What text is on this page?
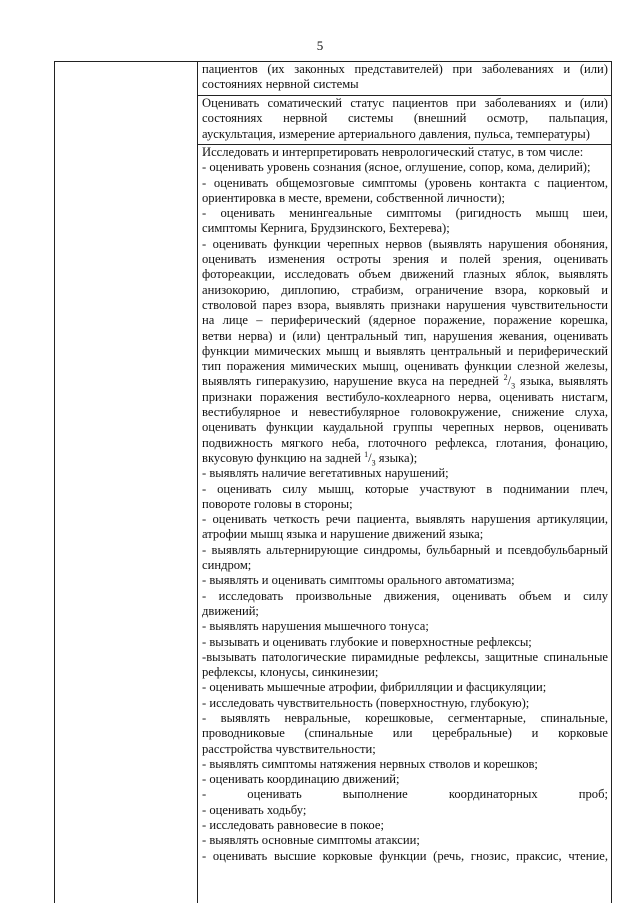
5
пациентов (их законных представителей) при заболеваниях и (или)
состояниях нервной системы
Оценивать соматический статус пациентов при заболеваниях и (или)
состояниях нервной системы (внешний осмотр, пальпация,
аускультация, измерение артериального давления, пульса, температуры)
Исследовать и интерпретировать неврологический статус, в том числе:
- оценивать уровень сознания (ясное, оглушение, сопор, кома, делирий);
- оценивать общемозговые симптомы (уровень контакта с пациентом,
ориентировка в месте, времени, собственной личности);
- оценивать менингеальные симптомы (ригидность мышц шеи,
симптомы Кернига, Брудзинского, Бехтерева);
- оценивать функции черепных нервов (выявлять нарушения обоняния,
оценивать изменения остроты зрения и полей зрения, оценивать
фотореакции, исследовать объем движений глазных яблок, выявлять
анизокорию, диплопию, страбизм, ограничение взора, корковый и
стволовой парез взора, выявлять признаки нарушения чувствительности
на лице – периферический (ядерное поражение, поражение корешка,
ветви нерва) и (или) центральный тип, нарушения жевания, оценивать
функции мимических мышц и выявлять центральный и периферический
тип поражения мимических мышц, оценивать функции слезной железы,
выявлять гиперакузию, нарушение вкуса на передней $^2/_3$ языка, выявлять
признаки поражения вестибуло-кохлеарного нерва, оценивать нистагм,
вестибулярное и невестибулярное головокружение, снижение слуха,
оценивать функции каудальной группы черепных нервов, оценивать
подвижность мягкого неба, глоточного рефлекса, глотания, фонацию,
вкусовую функцию на задней $^1/_3$ языка);
- выявлять наличие вегетативных нарушений;
- оценивать силу мышц, которые участвуют в поднимании плеч,
повороте головы в стороны;
- оценивать четкость речи пациента, выявлять нарушения артикуляции,
атрофии мышц языка и нарушение движений языка;
- выявлять альтернирующие синдромы, бульбарный и псевдобульбарный
синдром;
- выявлять и оценивать симптомы орального автоматизма;
- исследовать произвольные движения, оценивать объем и силу
движений;
- выявлять нарушения мышечного тонуса;
- вызывать и оценивать глубокие и поверхностные рефлексы;
-вызывать патологические пирамидные рефлексы, защитные спинальные
рефлексы, клонусы, синкинезии;
- оценивать мышечные атрофии, фибрилляции и фасцикуляции;
- исследовать чувствительность (поверхностную, глубокую);
- выявлять невральные, корешковые, сегментарные, спинальные,
проводниковые (спинальные или церебральные) и корковые
расстройства чувствительности;
- выявлять симптомы натяжения нервных стволов и корешков;
- оценивать координацию движений;
- оценивать выполнение координаторных проб;
- оценивать ходьбу;
- исследовать равновесие в покое;
- выявлять основные симптомы атаксии;
- оценивать высшие корковые функции (речь, гнозис, праксис, чтение,
